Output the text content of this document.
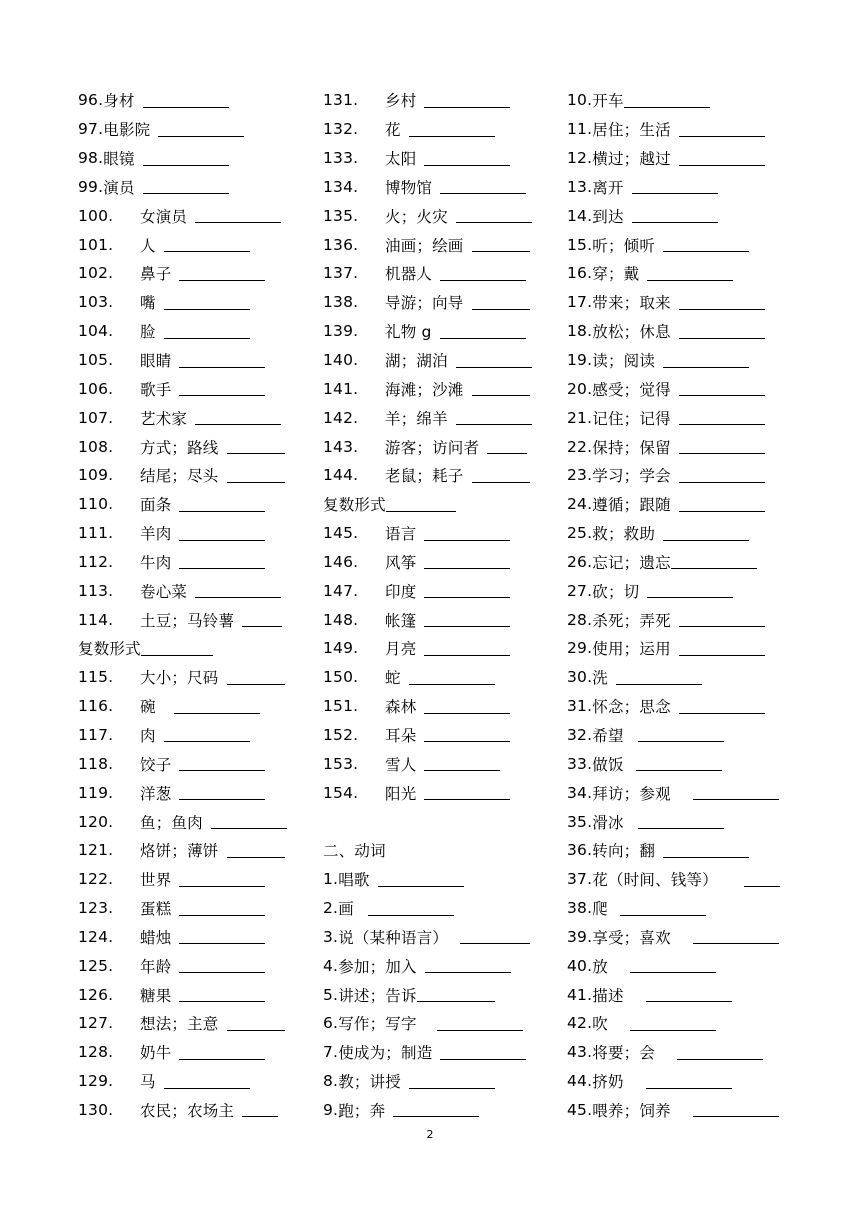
96. 身材
97. 电影院
98. 眼镜
99. 演员
100.	女演员
101.	人
102.	鼻子
103.	嘴
104.	脸
105.	眼睛
106.	歌手
107.	艺术家
108.	方式；路线
109.	结尾；尽头
110.	面条
111.	羊肉
112.	牛肉
113.	卷心菜
114.	土豆；马铃薯
复数形式
115.	大小；尺码
116.	碗
117.	肉
118.	饺子
119.	洋葱
120.	鱼；鱼肉
121.	烙饼；薄饼
122.	世界
123.	蛋糕
124.	蜡烛
125.	年龄
126.	糖果
127.	想法；主意
128.	奶牛
129.	马
130.	农民；农场主
131.	乡村
132.	花
133.	太阳
134.	博物馆
135.	火；火灾
136.	油画；绘画
137.	机器人
138.	导游；向导
139.	礼物 g
140.	湖；湖泊
141.	海滩；沙滩
142.	羊；绵羊
143.	游客；访问者
144.	老鼠；耗子
复数形式
145.	语言
146.	风筝
147.	印度
148.	帐篷
149.	月亮
150.	蛇
151.	森林
152.	耳朵
153.	雪人
154.	阳光
二、动词
1. 唱歌
2. 画
3. 说（某种语言）
4. 参加；加入
5. 讲述；告诉
6. 写作；写字
7. 使成为；制造
8. 教；讲授
9. 跑；奔
10. 开车
11. 居住；生活
12. 横过；越过
13. 离开
14. 到达
15. 听；倾听
16. 穿；戴
17. 带来；取来
18. 放松；休息
19. 读；阅读
20. 感受；觉得
21. 记住；记得
22. 保持；保留
23. 学习；学会
24. 遵循；跟随
25. 救；救助
26. 忘记；遗忘
27. 砍；切
28. 杀死；弄死
29. 使用；运用
30. 洗
31. 怀念；思念
32. 希望
33. 做饭
34. 拜访；参观
35. 滑冰
36. 转向；翻
37. 花（时间、钱等）
38. 爬
39. 享受；喜欢
40. 放
41. 描述
42. 吹
43. 将要；会
44. 挤奶
45. 喂养；饲养
2
